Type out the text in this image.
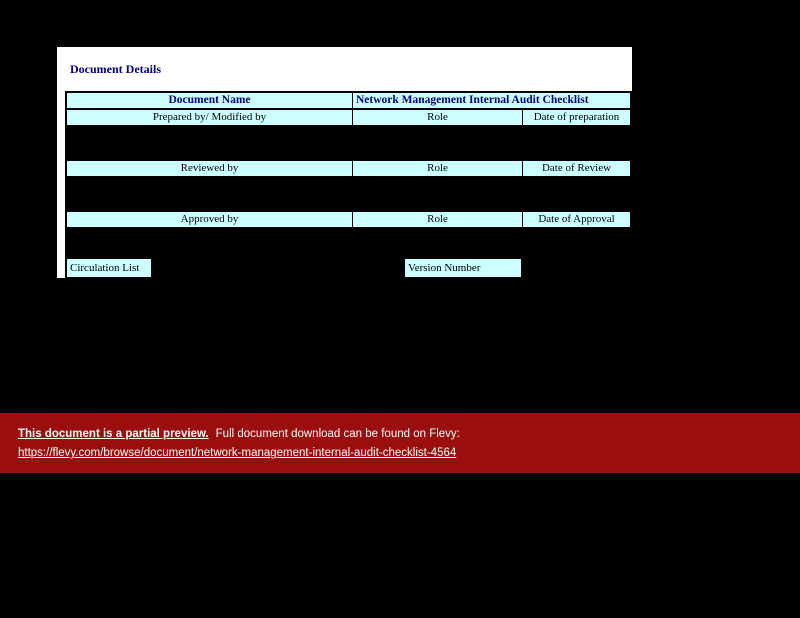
Document Details
Document Name	Network Management Internal Audit Checklist
Prepared by/ Modified by	Role	Date of preparation
Reviewed by	Role	Date of Review
Approved by	Role	Date of Approval
Circulation List	Version Number
This document is a partial preview. Full document download can be found on Flevy:
https://flevy.com/browse/document/network-management-internal-audit-checklist-4564
